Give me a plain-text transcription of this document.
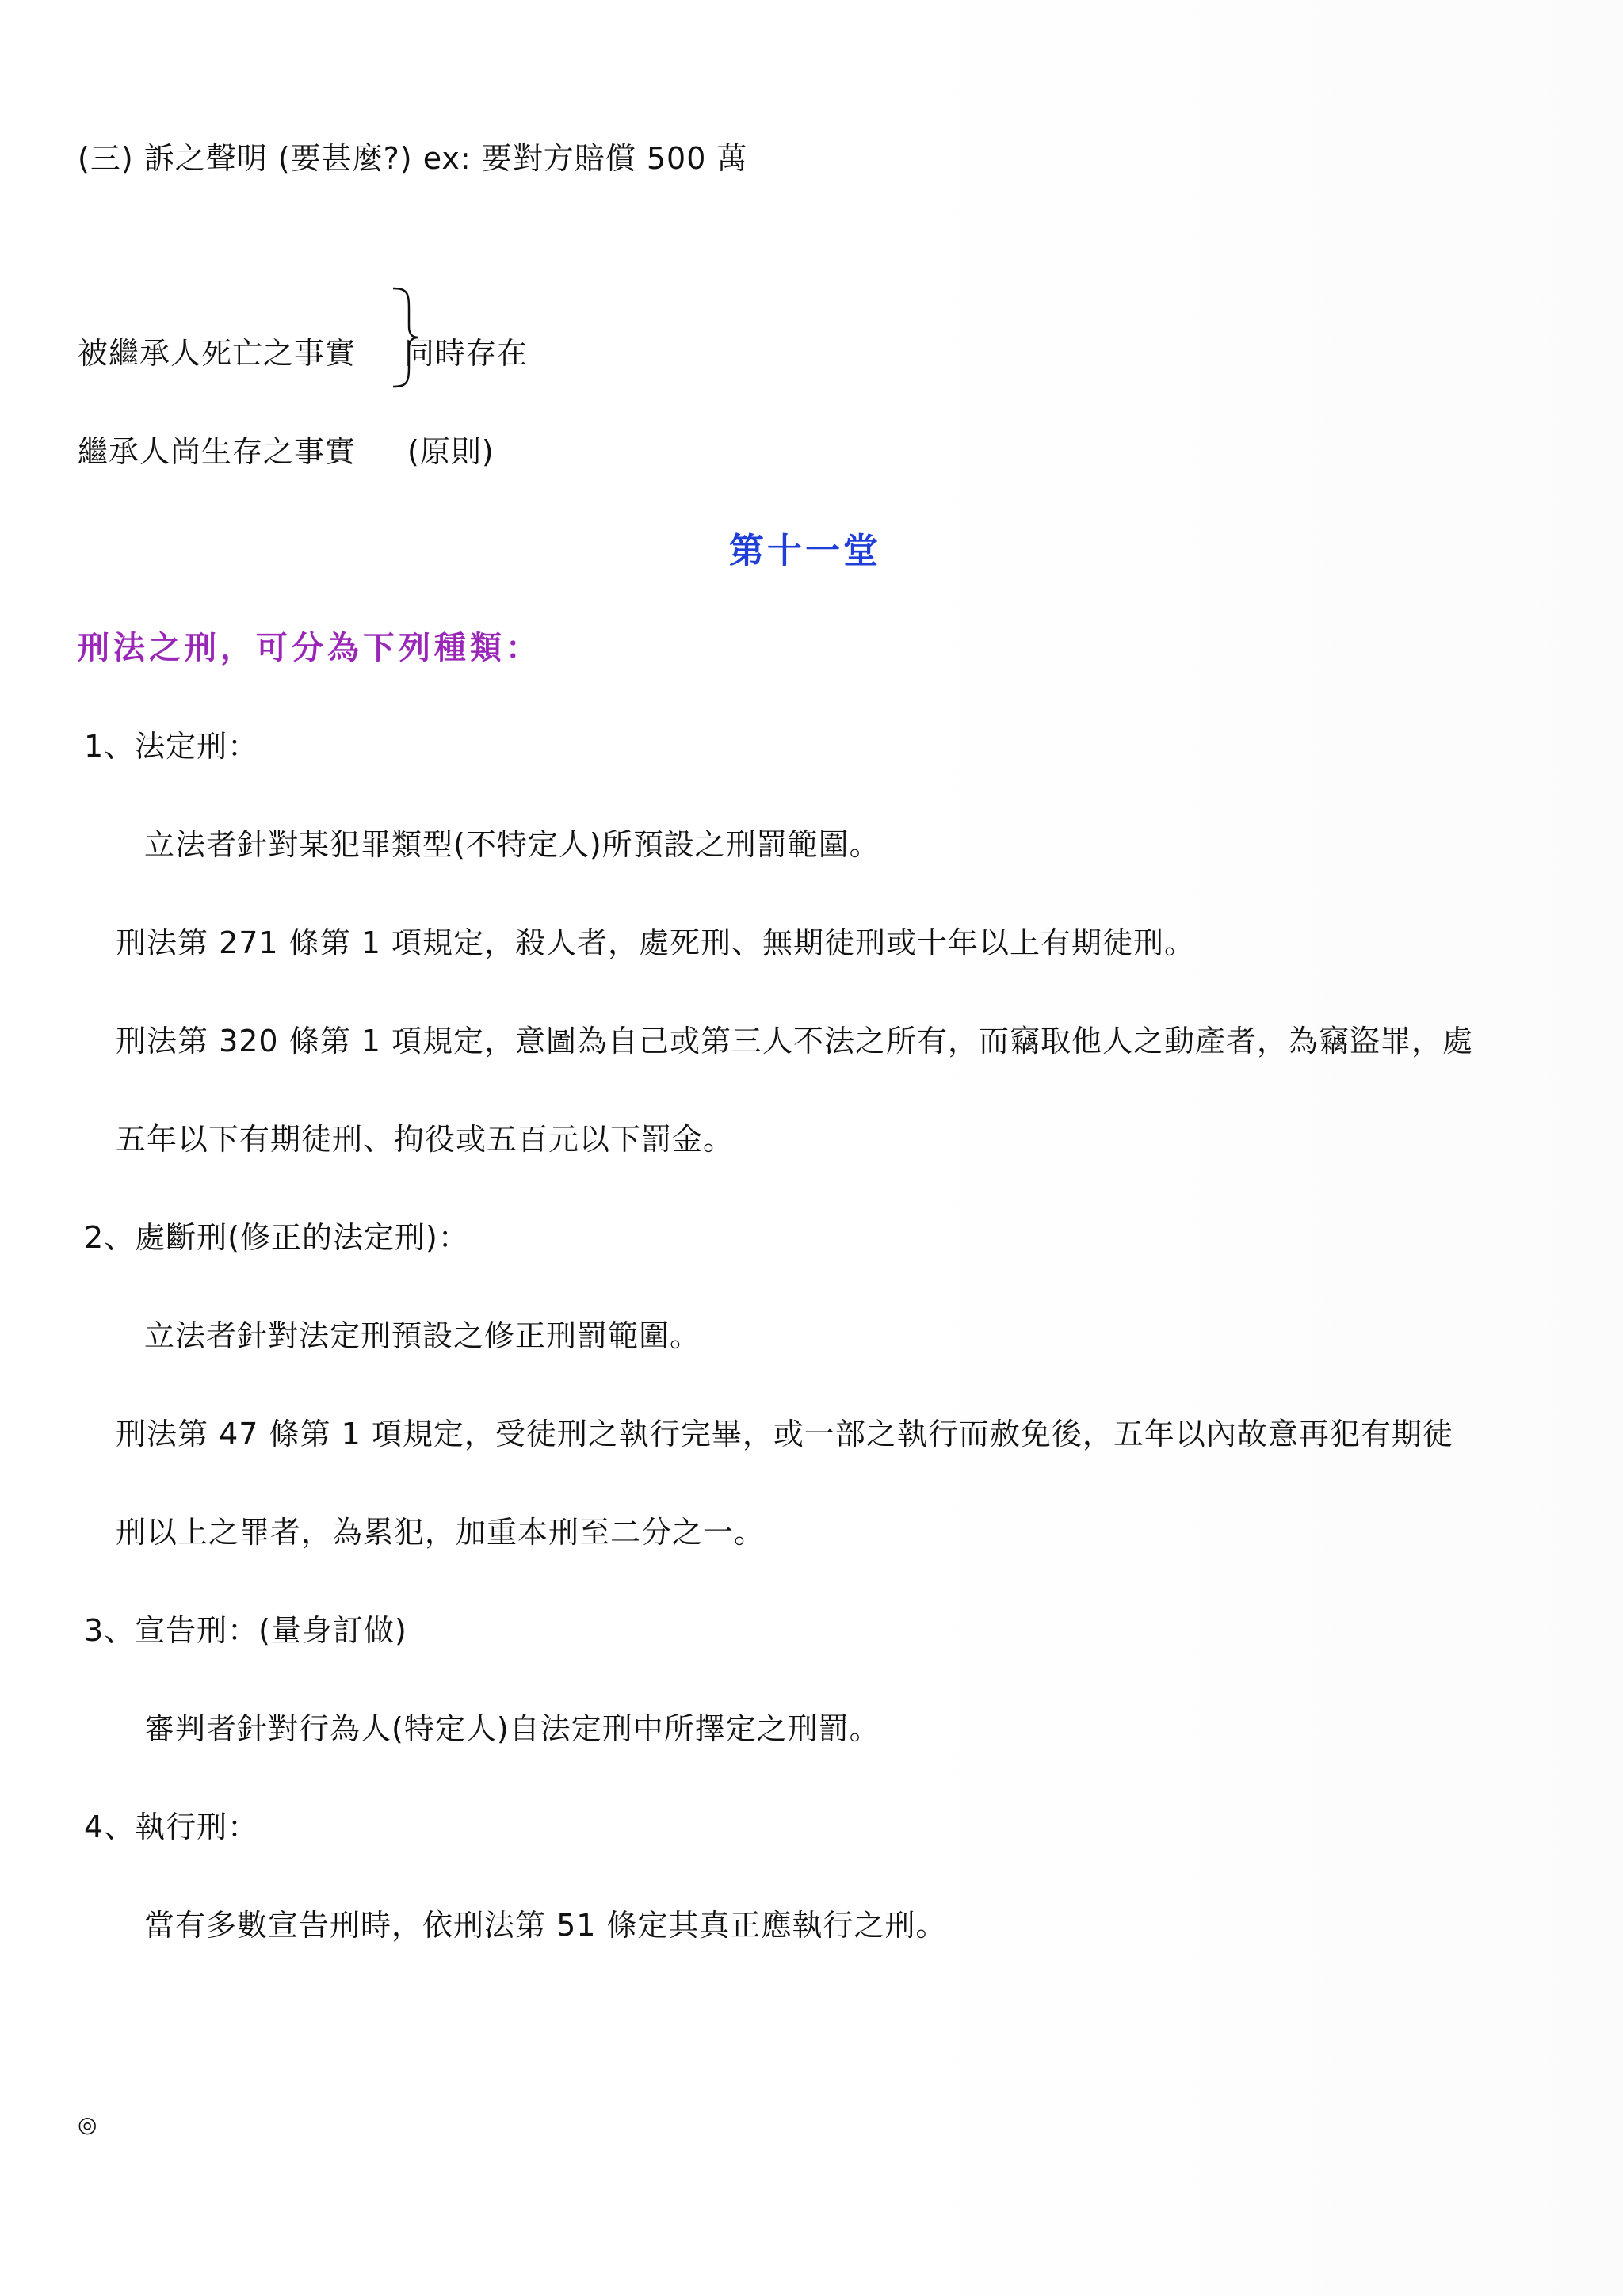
(三) 訴之聲明 (要甚麼?) ex: 要對方賠償 500 萬
被繼承人死亡之事實 同時存在
繼承人尚生存之事實 (原則)
第十一堂
刑法之刑，可分為下列種類：
1、法定刑：
立法者針對某犯罪類型(不特定人)所預設之刑罰範圍。
刑法第 271 條第 1 項規定，殺人者，處死刑、無期徒刑或十年以上有期徒刑。
刑法第 320 條第 1 項規定，意圖為自己或第三人不法之所有，而竊取他人之動產者，為竊盜罪，處
五年以下有期徒刑、拘役或五百元以下罰金。
2、處斷刑(修正的法定刑)：
立法者針對法定刑預設之修正刑罰範圍。
刑法第 47 條第 1 項規定，受徒刑之執行完畢，或一部之執行而赦免後，五年以內故意再犯有期徒
刑以上之罪者，為累犯，加重本刑至二分之一。
3、宣告刑：(量身訂做)
審判者針對行為人(特定人)自法定刑中所擇定之刑罰。
4、執行刑：
當有多數宣告刑時，依刑法第 51 條定其真正應執行之刑。
◎
